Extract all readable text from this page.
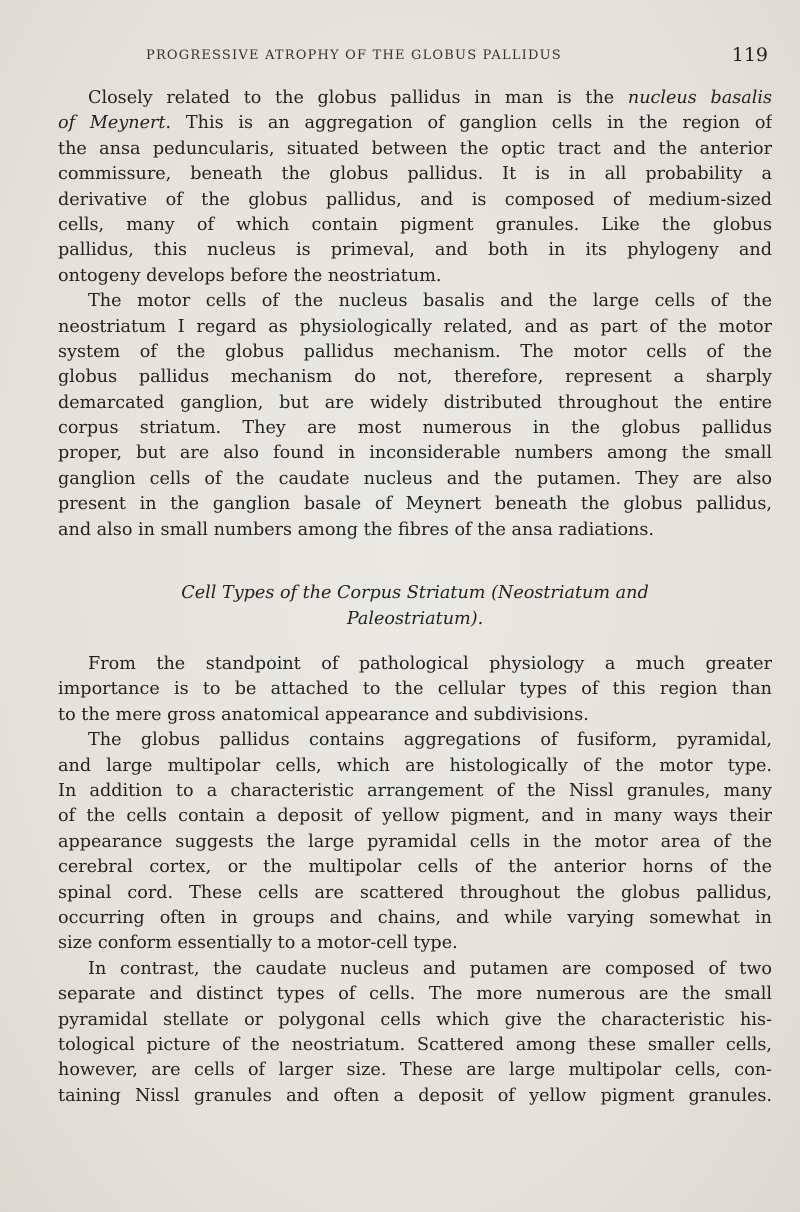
PROGRESSIVE ATROPHY OF THE GLOBUS PALLIDUS	119
Closely related to the globus pallidus in man is the nucleus basalis
of Meynert. This is an aggregation of ganglion cells in the region of
the ansa peduncularis, situated between the optic tract and the anterior
commissure, beneath the globus pallidus. It is in all probability a
derivative of the globus pallidus, and is composed of medium-sized
cells, many of which contain pigment granules. Like the globus
pallidus, this nucleus is primeval, and both in its phylogeny and
ontogeny develops before the neostriatum.
The motor cells of the nucleus basalis and the large cells of the
neostriatum I regard as physiologically related, and as part of the motor
system of the globus pallidus mechanism. The motor cells of the
globus pallidus mechanism do not, therefore, represent a sharply
demarcated ganglion, but are widely distributed throughout the entire
corpus striatum. They are most numerous in the globus pallidus
proper, but are also found in inconsiderable numbers among the small
ganglion cells of the caudate nucleus and the putamen. They are also
present in the ganglion basale of Meynert beneath the globus pallidus,
and also in small numbers among the fibres of the ansa radiations.
Cell Types of the Corpus Striatum (Neostriatum and
Paleostriatum).
From the standpoint of pathological physiology a much greater
importance is to be attached to the cellular types of this region than
to the mere gross anatomical appearance and subdivisions.
The globus pallidus contains aggregations of fusiform, pyramidal,
and large multipolar cells, which are histologically of the motor type.
In addition to a characteristic arrangement of the Nissl granules, many
of the cells contain a deposit of yellow pigment, and in many ways their
appearance suggests the large pyramidal cells in the motor area of the
cerebral cortex, or the multipolar cells of the anterior horns of the
spinal cord. These cells are scattered throughout the globus pallidus,
occurring often in groups and chains, and while varying somewhat in
size conform essentially to a motor-cell type.
In contrast, the caudate nucleus and putamen are composed of two
separate and distinct types of cells. The more numerous are the small
pyramidal stellate or polygonal cells which give the characteristic his-
tological picture of the neostriatum. Scattered among these smaller cells,
however, are cells of larger size. These are large multipolar cells, con-
taining Nissl granules and often a deposit of yellow pigment granules.
